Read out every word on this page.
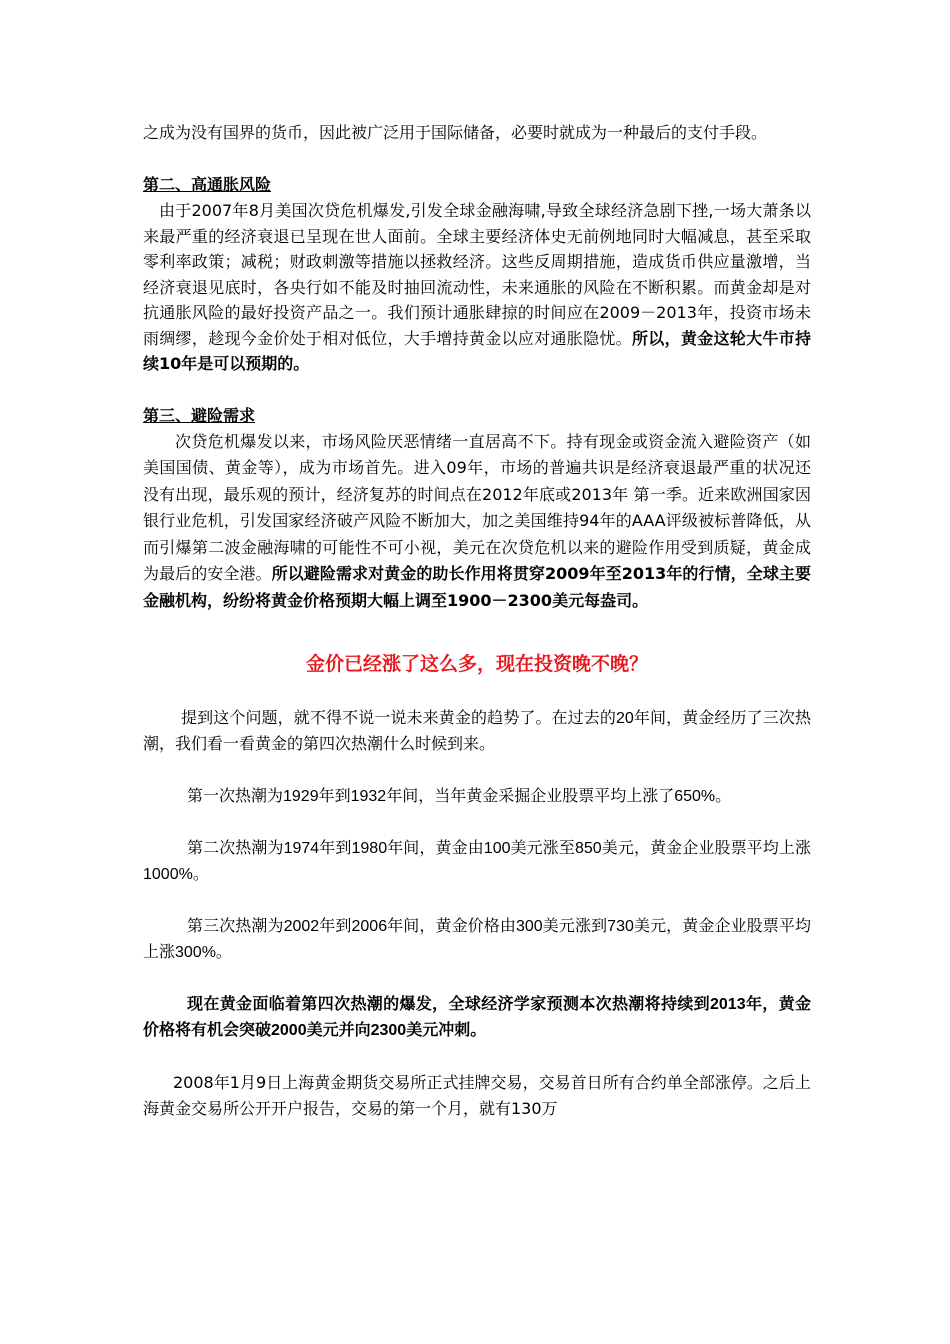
之成为没有国界的货币，因此被广泛用于国际储备，必要时就成为一种最后的支付手段。

第二、高通胀风险

由于2007年8月美国次贷危机爆发,引发全球金融海啸,导致全球经济急剧下挫,一场大萧条以来最严重的经济衰退已呈现在世人面前。全球主要经济体史无前例地同时大幅减息，甚至采取零利率政策；减税；财政刺激等措施以拯救经济。这些反周期措施，造成货币供应量激增，当经济衰退见底时，各央行如不能及时抽回流动性，未来通胀的风险在不断积累。而黄金却是对抗通胀风险的最好投资产品之一。我们预计通胀肆掠的时间应在2009－2013年，投资市场未雨绸缪，趁现今金价处于相对低位，大手增持黄金以应对通胀隐忧。所以，黄金这轮大牛市持续10年是可以预期的。

第三、避险需求

次贷危机爆发以来，市场风险厌恶情绪一直居高不下。持有现金或资金流入避险资产（如美国国债、黄金等），成为市场首先。进入09年，市场的普遍共识是经济衰退最严重的状况还没有出现，最乐观的预计，经济复苏的时间点在2012年底或2013年 第一季。近来欧洲国家因银行业危机，引发国家经济破产风险不断加大，加之美国维持94年的AAA评级被标普降低，从而引爆第二波金融海啸的可能性不可小视，美元在次贷危机以来的避险作用受到质疑，黄金成为最后的安全港。所以避险需求对黄金的助长作用将贯穿2009年至2013年的行情，全球主要金融机构，纷纷将黄金价格预期大幅上调至1900－2300美元每盎司。

金价已经涨了这么多，现在投资晚不晚？

提到这个问题，就不得不说一说未来黄金的趋势了。在过去的20年间，黄金经历了三次热潮，我们看一看黄金的第四次热潮什么时候到来。

第一次热潮为1929年到1932年间，当年黄金采掘企业股票平均上涨了650%。

第二次热潮为1974年到1980年间，黄金由100美元涨至850美元，黄金企业股票平均上涨1000%。

第三次热潮为2002年到2006年间，黄金价格由300美元涨到730美元，黄金企业股票平均上涨300%。

现在黄金面临着第四次热潮的爆发，全球经济学家预测本次热潮将持续到2013年，黄金价格将有机会突破2000美元并向2300美元冲刺。

2008年1月9日上海黄金期货交易所正式挂牌交易，交易首日所有合约单全部涨停。之后上海黄金交易所公开开户报告，交易的第一个月，就有130万
